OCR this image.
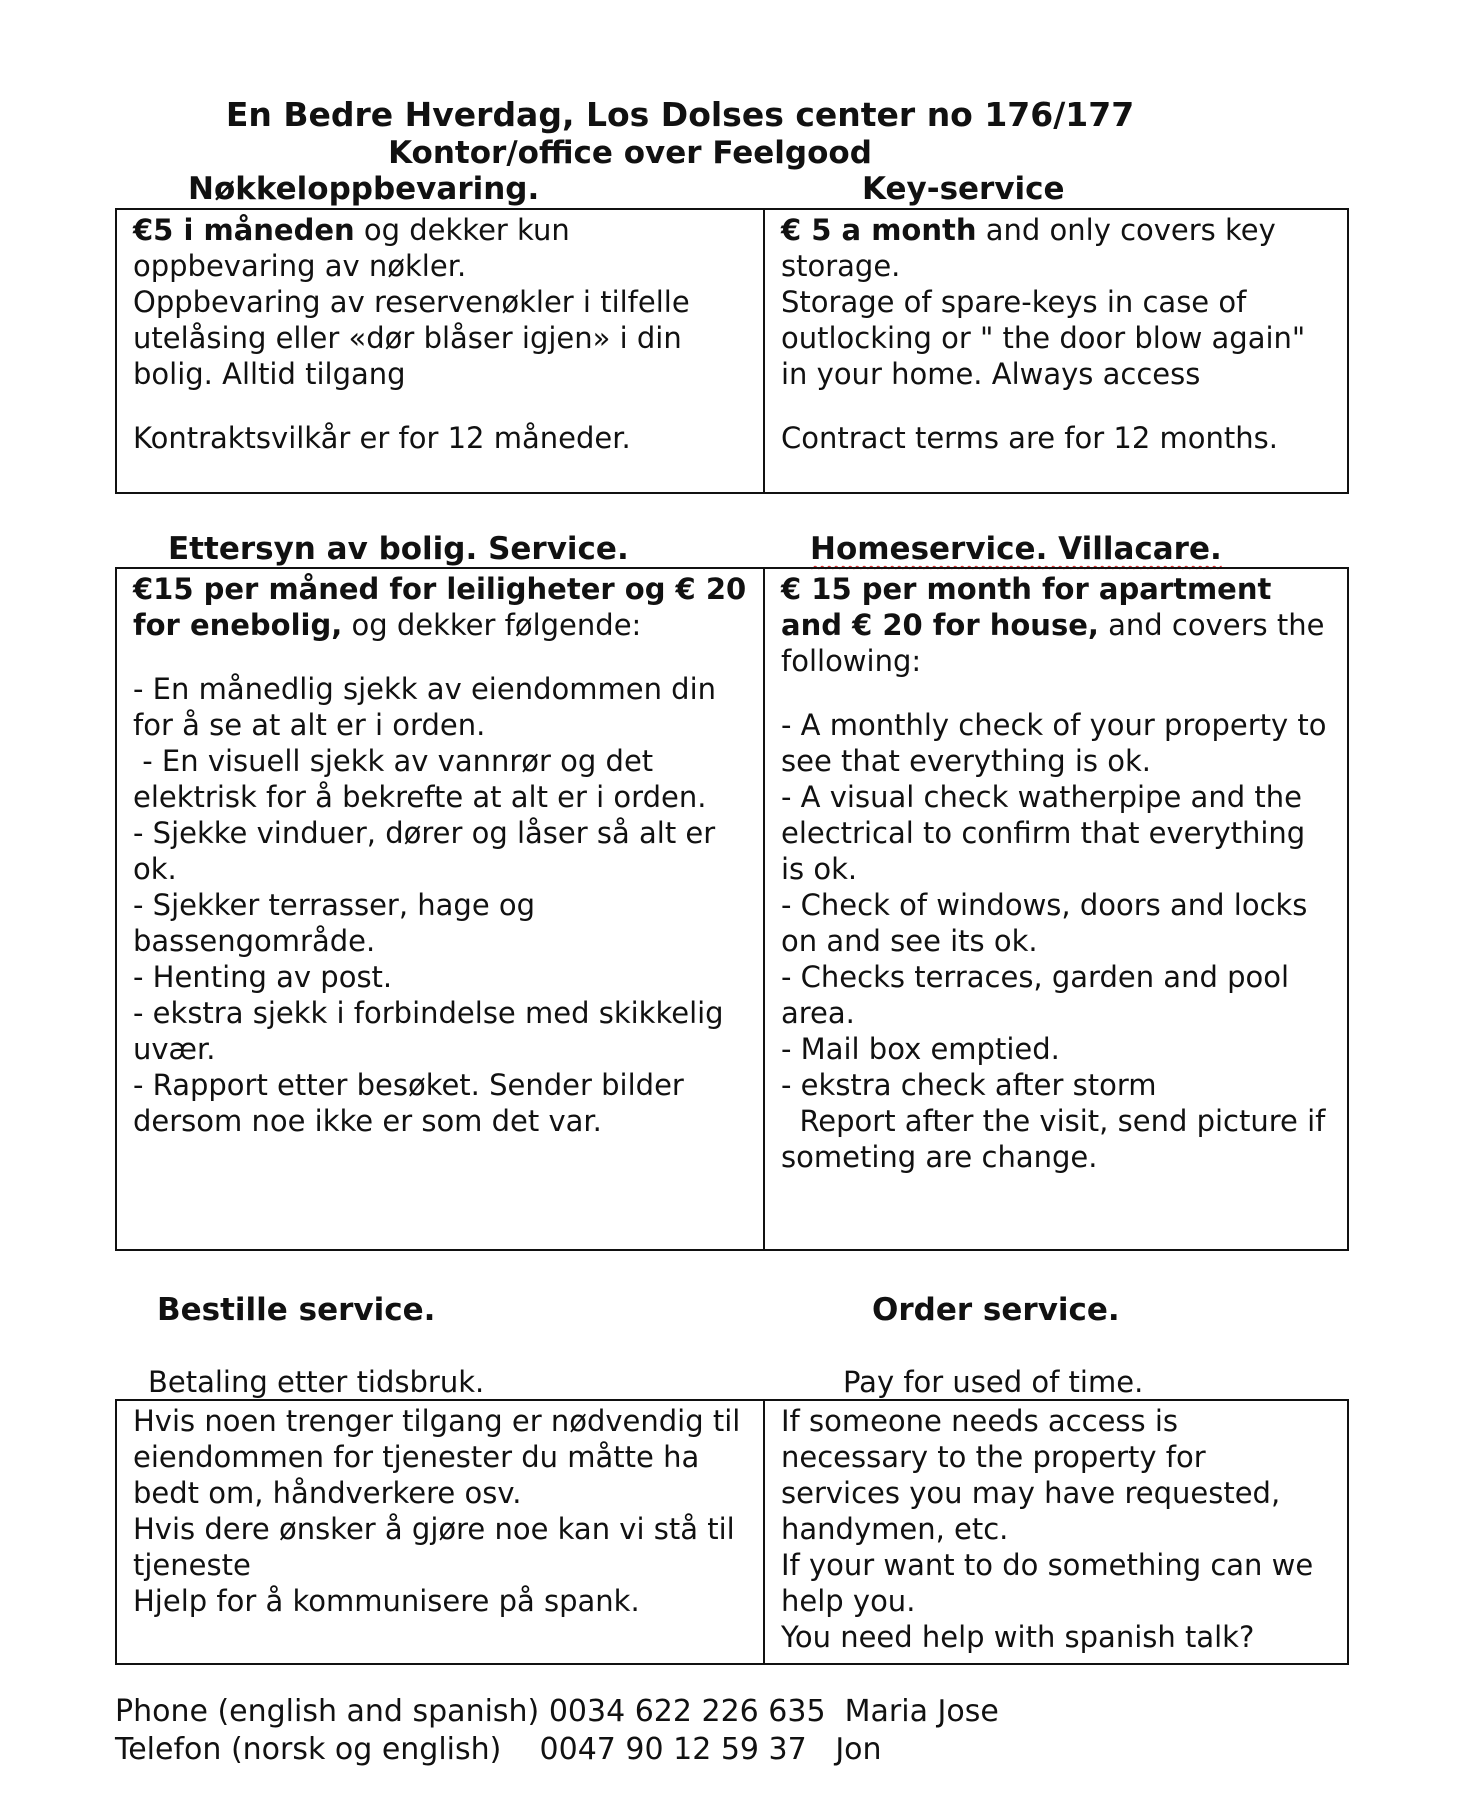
En Bedre Hverdag, Los Dolses center no 176/177
Kontor/office over Feelgood
Nøkkeloppbevaring.	Key-service

€5 i måneden og dekker kun oppbevaring av nøkler.

Oppbevaring av reservenøkler i tilfelle utelåsing eller «dør blåser igjen» i din bolig. Alltid tilgang

Kontraktsvilkår er for 12 måneder.

€ 5 a month and only covers key storage.

Storage of spare-keys in case of outlocking or " the door blow again" in your home. Always access

Contract terms are for 12 months.

Ettersyn av bolig. Service.	Homeservice. Villacare.

€15 per måned for leiligheter og € 20 for enebolig, og dekker følgende:

- En månedlig sjekk av eiendommen din for å se at alt er i orden.

- En visuell sjekk av vannrør og det elektrisk for å bekrefte at alt er i orden.

- Sjekke vinduer, dører og låser så alt er ok.

- Sjekker terrasser, hage og bassengområde.

- Henting av post.

- ekstra sjekk i forbindelse med skikkelig uvær.

- Rapport etter besøket. Sender bilder dersom noe ikke er som det var.

€ 15 per month for apartment and € 20 for house, and covers the following:

- A monthly check of your property to see that everything is ok.

- A visual check watherpipe and the electrical to confirm that everything is ok.

- Check of windows, doors and locks on and see its ok.

- Checks terraces, garden and pool area.

- Mail box emptied.

- ekstra check after storm

Report after the visit, send picture if someting are change.

Bestille service.	Order service.
Betaling etter tidsbruk.	Pay for used of time.

Hvis noen trenger tilgang er nødvendig til eiendommen for tjenester du måtte ha bedt om, håndverkere osv.

Hvis dere ønsker å gjøre noe kan vi stå til tjeneste

Hjelp for å kommunisere på spank.

If someone needs access is necessary to the property for services you may have requested, handymen, etc.

If your want to do something can we help you.

You need help with spanish talk?

Phone (english and spanish) 0034 622 226 635 Maria Jose
Telefon (norsk og english) 0047 90 12 59 37 Jon
